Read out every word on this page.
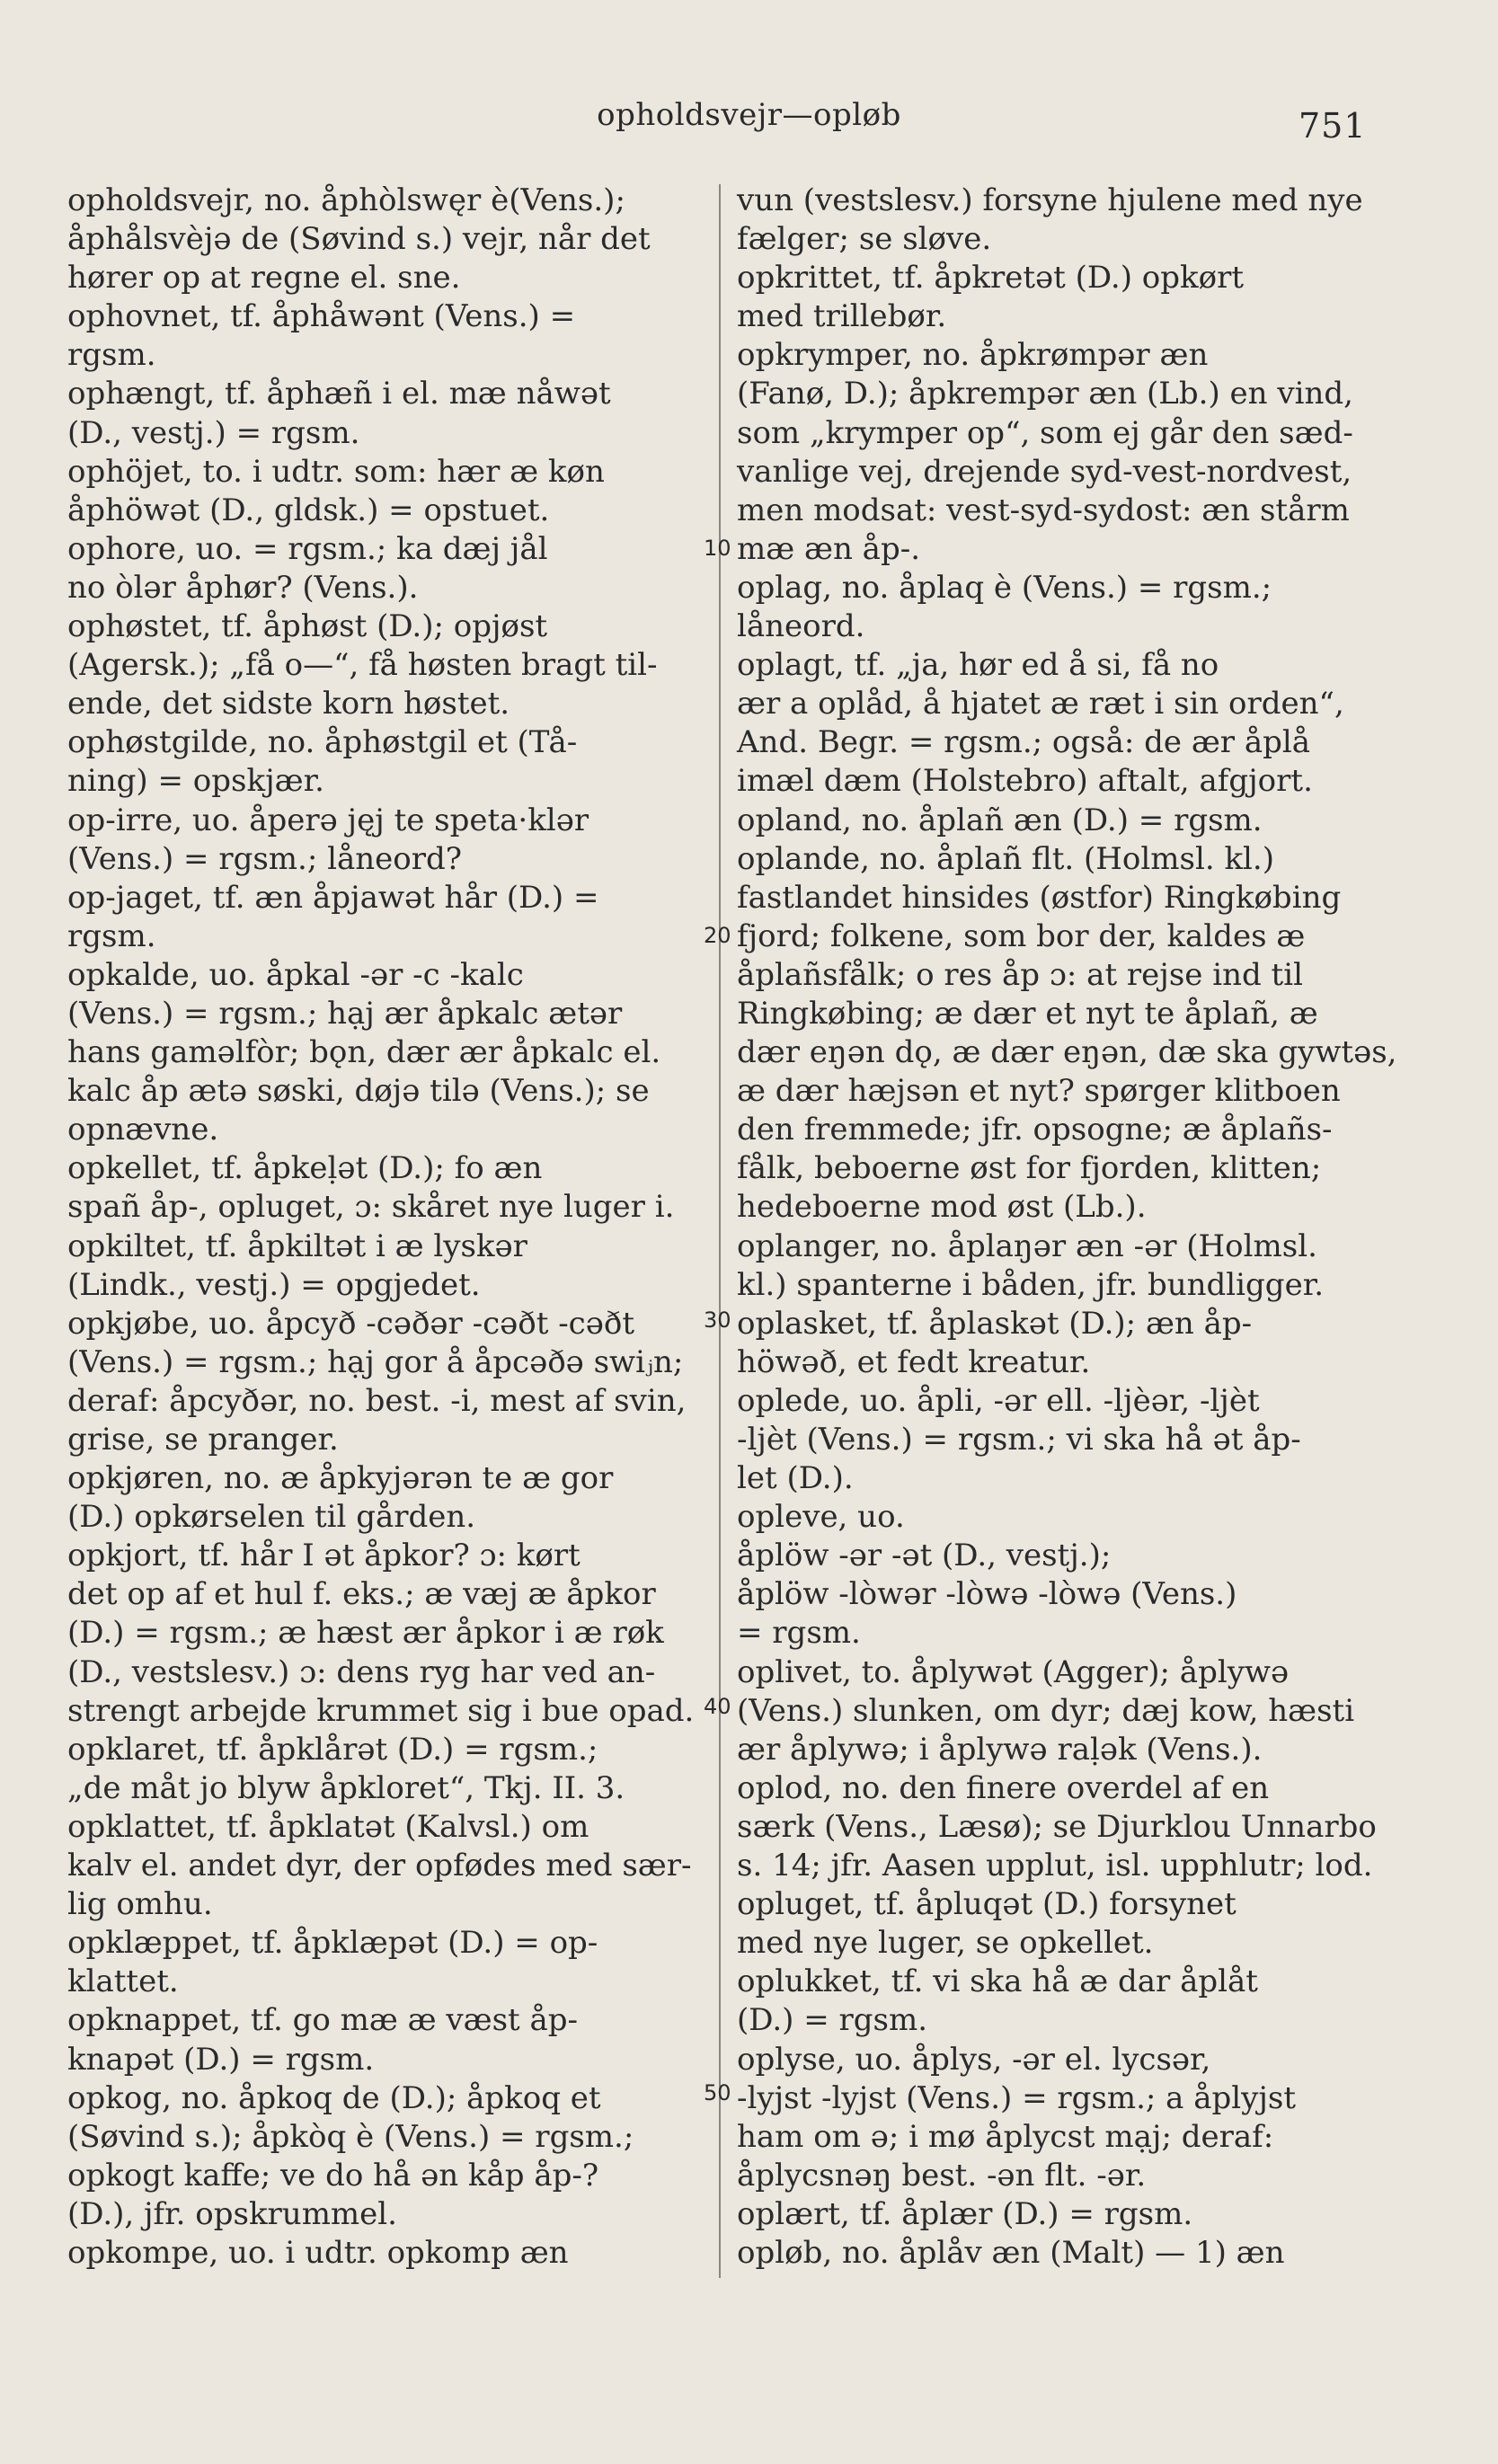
opholdsvejr—opløb	751
10
20
30
40
50
opholdsvejr, no. åphòlswęr è(Vens.);
åphålsvèjə de (Søvind s.) vejr, når det
hører op at regne el. sne.
ophovnet, tf. åphåwənt (Vens.) =
rgsm.
ophængt, tf. åphæñ i el. mæ nåwət
(D., vestj.) = rgsm.
ophöjet, to. i udtr. som: hær æ køn
åphöwət (D., gldsk.) = opstuet.
ophore, uo. = rgsm.; ka dæj jål
no òlər åphør? (Vens.).
ophøstet, tf. åphøst (D.); opjøst
(Agersk.); „få o—“, få høsten bragt til-
ende, det sidste korn høstet.
ophøstgilde, no. åphøstgil et (Tå-
ning) = opskjær.
op-irre, uo. åperə jęj te speta·klər
(Vens.) = rgsm.; låneord?
op-jaget, tf. æn åpjawət hår (D.) =
rgsm.
opkalde, uo. åpkal -ər -c -kalc
(Vens.) = rgsm.; hạj ær åpkalc ætər
hans gaməlfòr; bǫn, dær ær åpkalc el.
kalc åp ætə søski, døjə tilə (Vens.); se
opnævne.
opkellet, tf. åpkeḷət (D.); fo æn
spañ åp-, opluget, ɔ: skåret nye luger i.
opkiltet, tf. åpkiltət i æ lyskər
(Lindk., vestj.) = opgjedet.
opkjøbe, uo. åpcyð -cəðər -cəðt -cəðt
(Vens.) = rgsm.; hạj gor å åpcəðə swiⱼn;
deraf: åpcyðər, no. best. -i, mest af svin,
grise, se pranger.
opkjøren, no. æ åpkyjərən te æ gor
(D.) opkørselen til gården.
opkjort, tf. hår I ət åpkor? ɔ: kørt
det op af et hul f. eks.; æ væj æ åpkor
(D.) = rgsm.; æ hæst ær åpkor i æ røk
(D., vestslesv.) ɔ: dens ryg har ved an-
strengt arbejde krummet sig i bue opad.
opklaret, tf. åpklårət (D.) = rgsm.;
„de måt jo blyw åpkloret“, Tkj. II. 3.
opklattet, tf. åpklatət (Kalvsl.) om
kalv el. andet dyr, der opfødes med sær-
lig omhu.
opklæppet, tf. åpklæpət (D.) = op-
klattet.
opknappet, tf. go mæ æ væst åp-
knapət (D.) = rgsm.
opkog, no. åpkoq de (D.); åpkoq et
(Søvind s.); åpkòq è (Vens.) = rgsm.;
opkogt kaffe; ve do hå ən kåp åp-?
(D.), jfr. opskrummel.
opkompe, uo. i udtr. opkomp æn
vun (vestslesv.) forsyne hjulene med nye
fælger; se sløve.
opkrittet, tf. åpkretət (D.) opkørt
med trillebør.
opkrymper, no. åpkrømpər æn
(Fanø, D.); åpkrempər æn (Lb.) en vind,
som „krymper op“, som ej går den sæd-
vanlige vej, drejende syd-vest-nordvest,
men modsat: vest-syd-sydost: æn stårm
mæ æn åp-.
oplag, no. åplaq è (Vens.) = rgsm.;
låneord.
oplagt, tf. „ja, hør ed å si, få no
ær a oplåd, å hjatet æ ræt i sin orden“,
And. Begr. = rgsm.; også: de ær åplå
imæl dæm (Holstebro) aftalt, afgjort.
opland, no. åplañ æn (D.) = rgsm.
oplande, no. åplañ flt. (Holmsl. kl.)
fastlandet hinsides (østfor) Ringkøbing
fjord; folkene, som bor der, kaldes æ
åplañsfålk; o res åp ɔ: at rejse ind til
Ringkøbing; æ dær et nyt te åplañ, æ
dær eŋən dǫ, æ dær eŋən, dæ ska gywtəs,
æ dær hæjsən et nyt? spørger klitboen
den fremmede; jfr. opsogne; æ åplañs-
fålk, beboerne øst for fjorden, klitten;
hedeboerne mod øst (Lb.).
oplanger, no. åplaŋər æn -ər (Holmsl.
kl.) spanterne i båden, jfr. bundligger.
oplasket, tf. åplaskət (D.); æn åp-
höwəð, et fedt kreatur.
oplede, uo. åpli, -ər ell. -ljèər, -ljèt
-ljèt (Vens.) = rgsm.; vi ska hå ət åp-
let (D.).
opleve, uo.
åplöw -ər -ət (D., vestj.);
åplöw -lòwər -lòwə -lòwə (Vens.)
= rgsm.
oplivet, to. åplywət (Agger); åplywə
(Vens.) slunken, om dyr; dæj kow, hæsti
ær åplywə; i åplywə raḷək (Vens.).
oplod, no. den finere overdel af en
særk (Vens., Læsø); se Djurklou Unnarbo
s. 14; jfr. Aasen upplut, isl. upphlutr; lod.
opluget, tf. åpluqət (D.) forsynet
med nye luger, se opkellet.
oplukket, tf. vi ska hå æ dar åplåt
(D.) = rgsm.
oplyse, uo. åplys, -ər el. lycsər,
-lyjst -lyjst (Vens.) = rgsm.; a åplyjst
ham om ə; i mø åplycst mạj; deraf:
åplycsnəŋ best. -ən flt. -ər.
oplært, tf. åplær (D.) = rgsm.
opløb, no. åplåv æn (Malt) — 1) æn
